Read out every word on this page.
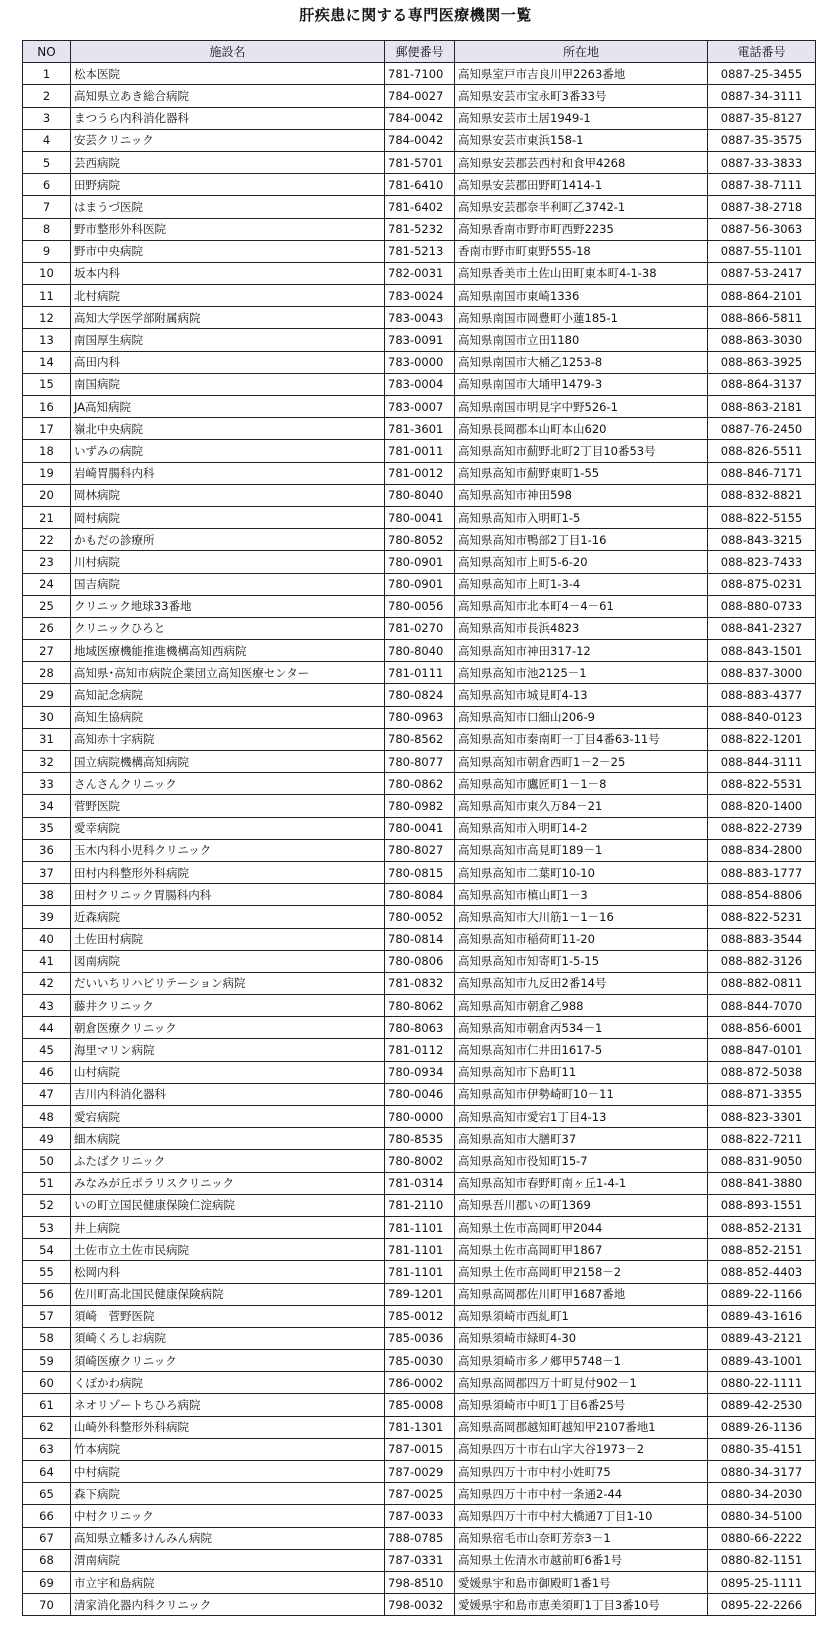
肝疾患に関する専門医療機関一覧
NO	施設名	郵便番号	所在地	電話番号
1	松本医院	781-7100	高知県室戸市吉良川甲2263番地	0887-25-3455
2	高知県立あき総合病院	784-0027	高知県安芸市宝永町3番33号	0887-34-3111
3	まつうら内科消化器科	784-0042	高知県安芸市土居1949-1	0887-35-8127
4	安芸クリニック	784-0042	高知県安芸市東浜158-1	0887-35-3575
5	芸西病院	781-5701	高知県安芸郡芸西村和食甲4268	0887-33-3833
6	田野病院	781-6410	高知県安芸郡田野町1414-1	0887-38-7111
7	はまうづ医院	781-6402	高知県安芸郡奈半利町乙3742-1	0887-38-2718
8	野市整形外科医院	781-5232	高知県香南市野市町西野2235	0887-56-3063
9	野市中央病院	781-5213	香南市野市町東野555-18	0887-55-1101
10	坂本内科	782-0031	高知県香美市土佐山田町東本町4-1-38	0887-53-2417
11	北村病院	783-0024	高知県南国市東崎1336	088-864-2101
12	高知大学医学部附属病院	783-0043	高知県南国市岡豊町小蓮185-1	088-866-5811
13	南国厚生病院	783-0091	高知県南国市立田1180	088-863-3030
14	高田内科	783-0000	高知県南国市大桶乙1253-8	088-863-3925
15	南国病院	783-0004	高知県南国市大埇甲1479-3	088-864-3137
16	JA高知病院	783-0007	高知県南国市明見字中野526-1	088-863-2181
17	嶺北中央病院	781-3601	高知県長岡郡本山町本山620	0887-76-2450
18	いずみの病院	781-0011	高知県高知市薊野北町2丁目10番53号	088-826-5511
19	岩崎胃腸科内科	781-0012	高知県高知市薊野東町1-55	088-846-7171
20	岡林病院	780-8040	高知県高知市神田598	088-832-8821
21	岡村病院	780-0041	高知県高知市入明町1-5	088-822-5155
22	かもだの診療所	780-8052	高知県高知市鴨部2丁目1-16	088-843-3215
23	川村病院	780-0901	高知県高知市上町5-6-20	088-823-7433
24	国吉病院	780-0901	高知県高知市上町1-3-4	088-875-0231
25	クリニック地球33番地	780-0056	高知県高知市北本町4－4－61	088-880-0733
26	クリニックひろと	781-0270	高知県高知市長浜4823	088-841-2327
27	地域医療機能推進機構高知西病院	780-8040	高知県高知市神田317-12	088-843-1501
28	高知県･高知市病院企業団立高知医療センター	781-0111	高知県高知市池2125－1	088-837-3000
29	高知記念病院	780-0824	高知県高知市城見町4-13	088-883-4377
30	高知生協病院	780-0963	高知県高知市口細山206-9	088-840-0123
31	高知赤十字病院	780-8562	高知県高知市秦南町一丁目4番63-11号	088-822-1201
32	国立病院機構高知病院	780-8077	高知県高知市朝倉西町1－2－25	088-844-3111
33	さんさんクリニック	780-0862	高知県高知市鷹匠町1－1－8	088-822-5531
34	菅野医院	780-0982	高知県高知市東久万84－21	088-820-1400
35	愛幸病院	780-0041	高知県高知市入明町14-2	088-822-2739
36	玉木内科小児科クリニック	780-8027	高知県高知市高見町189－1	088-834-2800
37	田村内科整形外科病院	780-0815	高知県高知市二葉町10-10	088-883-1777
38	田村クリニック胃腸科内科	780-8084	高知県高知市槙山町1－3	088-854-8806
39	近森病院	780-0052	高知県高知市大川筋1－1－16	088-822-5231
40	土佐田村病院	780-0814	高知県高知市稲荷町11-20	088-883-3544
41	図南病院	780-0806	高知県高知市知寄町1-5-15	088-882-3126
42	だいいちリハビリテーション病院	781-0832	高知県高知市九反田2番14号	088-882-0811
43	藤井クリニック	780-8062	高知県高知市朝倉乙988	088-844-7070
44	朝倉医療クリニック	780-8063	高知県高知市朝倉丙534－1	088-856-6001
45	海里マリン病院	781-0112	高知県高知市仁井田1617-5	088-847-0101
46	山村病院	780-0934	高知県高知市下島町11	088-872-5038
47	吉川内科消化器科	780-0046	高知県高知市伊勢崎町10－11	088-871-3355
48	愛宕病院	780-0000	高知県高知市愛宕1丁目4-13	088-823-3301
49	細木病院	780-8535	高知県高知市大膳町37	088-822-7211
50	ふたばクリニック	780-8002	高知県高知市役知町15-7	088-831-9050
51	みなみが丘ポラリスクリニック	781-0314	高知県高知市春野町南ヶ丘1-4-1	088-841-3880
52	いの町立国民健康保険仁淀病院	781-2110	高知県吾川郡いの町1369	088-893-1551
53	井上病院	781-1101	高知県土佐市高岡町甲2044	088-852-2131
54	土佐市立土佐市民病院	781-1101	高知県土佐市高岡町甲1867	088-852-2151
55	松岡内科	781-1101	高知県土佐市高岡町甲2158－2	088-852-4403
56	佐川町高北国民健康保険病院	789-1201	高知県高岡郡佐川町甲1687番地	0889-22-1166
57	須崎　菅野医院	785-0012	高知県須崎市西糺町1	0889-43-1616
58	須崎くろしお病院	785-0036	高知県須崎市緑町4-30	0889-43-2121
59	須崎医療クリニック	785-0030	高知県須崎市多ノ郷甲5748－1	0889-43-1001
60	くぼかわ病院	786-0002	高知県高岡郡四万十町見付902－1	0880-22-1111
61	ネオリゾートちひろ病院	785-0008	高知県須崎市中町1丁目6番25号	0889-42-2530
62	山崎外科整形外科病院	781-1301	高知県高岡郡越知町越知甲2107番地1	0889-26-1136
63	竹本病院	787-0015	高知県四万十市右山字大谷1973－2	0880-35-4151
64	中村病院	787-0029	高知県四万十市中村小姓町75	0880-34-3177
65	森下病院	787-0025	高知県四万十市中村一条通2-44	0880-34-2030
66	中村クリニック	787-0033	高知県四万十市中村大橋通7丁目1-10	0880-34-5100
67	高知県立幡多けんみん病院	788-0785	高知県宿毛市山奈町芳奈3－1	0880-66-2222
68	渭南病院	787-0331	高知県土佐清水市越前町6番1号	0880-82-1151
69	市立宇和島病院	798-8510	愛媛県宇和島市御殿町1番1号	0895-25-1111
70	清家消化器内科クリニック	798-0032	愛媛県宇和島市恵美須町1丁目3番10号	0895-22-2266
